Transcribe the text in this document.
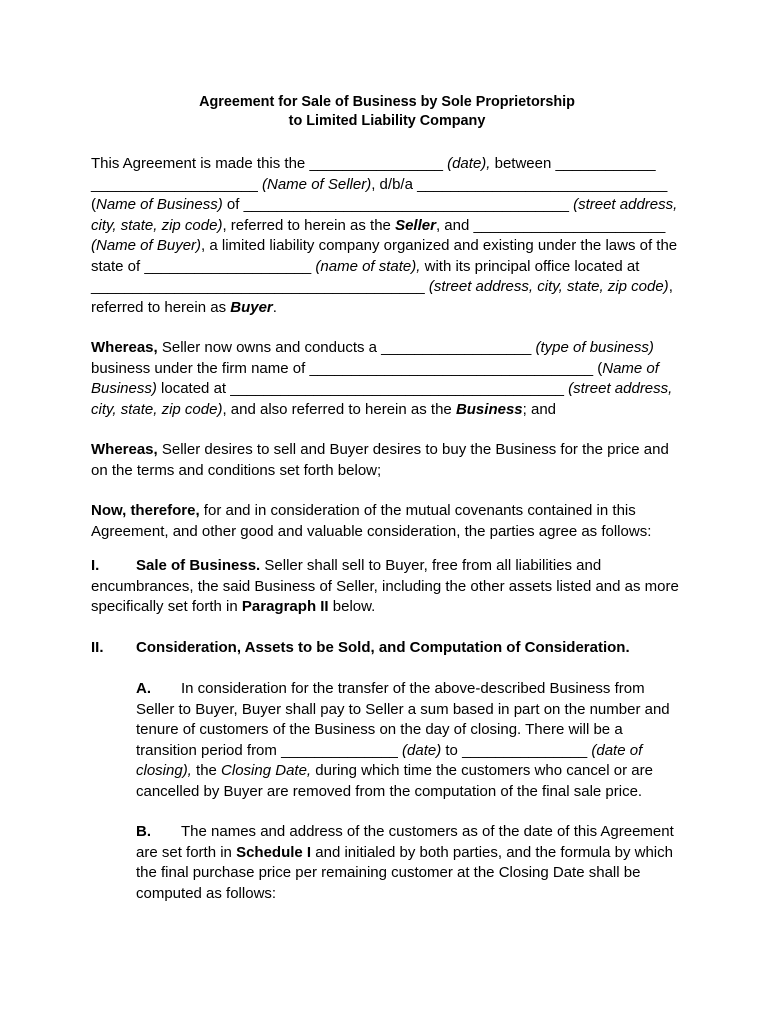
Agreement for Sale of Business by Sole Proprietorship
to Limited Liability Company

This Agreement is made this the ________________ (date), between ____________ ____________________ (Name of Seller), d/b/a ______________________________ (Name of Business) of _______________________________________ (street address, city, state, zip code), referred to herein as the Seller, and _______________________ (Name of Buyer), a limited liability company organized and existing under the laws of the state of ____________________ (name of state), with its principal office located at ________________________________________ (street address, city, state, zip code), referred to herein as Buyer.

Whereas, Seller now owns and conducts a __________________ (type of business) business under the firm name of __________________________________ (Name of Business) located at ________________________________________ (street address, city, state, zip code), and also referred to herein as the Business; and

Whereas, Seller desires to sell and Buyer desires to buy the Business for the price and on the terms and conditions set forth below;

Now, therefore, for and in consideration of the mutual covenants contained in this Agreement, and other good and valuable consideration, the parties agree as follows:

I. Sale of Business. Seller shall sell to Buyer, free from all liabilities and encumbrances, the said Business of Seller, including the other assets listed and as more specifically set forth in Paragraph II below.

II. Consideration, Assets to be Sold, and Computation of Consideration.

A. In consideration for the transfer of the above-described Business from Seller to Buyer, Buyer shall pay to Seller a sum based in part on the number and tenure of customers of the Business on the day of closing. There will be a transition period from ______________ (date) to _______________ (date of closing), the Closing Date, during which time the customers who cancel or are cancelled by Buyer are removed from the computation of the final sale price.

B. The names and address of the customers as of the date of this Agreement are set forth in Schedule I and initialed by both parties, and the formula by which the final purchase price per remaining customer at the Closing Date shall be computed as follows:
